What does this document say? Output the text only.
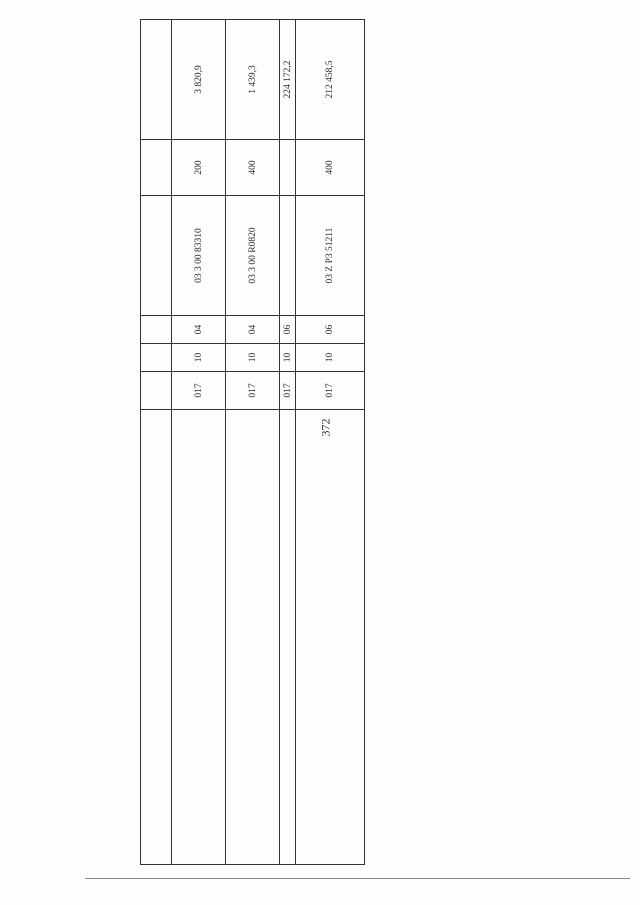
372

	017	10	04	03 3 00 83310	200	3 820,9
	017	10	04	03 3 00 R0820	400	1 439,3
	017	10	06			224 172,2
	017	10	06	03 Z P3 51211	400	212 458,5
